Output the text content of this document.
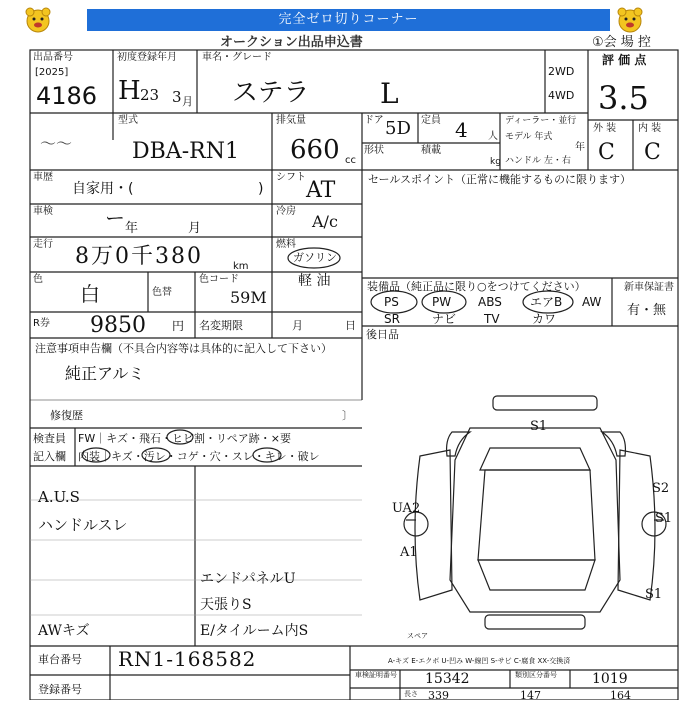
完全ゼロ切りコーナー
オークション出品申込書	①会 場 控
出品番号
[2025]
4186
初度登録年月
H 23 3 月
車名・グレード
ステラ	L
2WD
4WD
評 価 点
3.5
外 装 内 装
C C
型式
DBA-RN1
〜〜
排気量
660 cc
ドア 5D 定員 4 人
ディーラー・並行
モデル 年式
年
形状	積載
kg ハンドル 左・右
車歴
自家用・(	)
シフト
AT	セールスポイント（正常に機能するものに限ります）
車検	ー 年	月
冷房
A/c
走行 8万0千380	km
燃料
ガソリン
軽 油
色
白	色替
色コード
59M
装備品（純正品に限り○をつけてください）
PS	PW ABS エアB AW
SR	ナビ TV	カワ
新車保証書
有・無
R券 9850 円 名変期限	月	日
後日品
注意事項申告欄（不具合内容等は具体的に記入して下さい）
純正アルミ
修復歴	〕
検査員
記入欄
FW｜キズ・飛石・ヒビ割・リペア跡・×要
内装｜キズ・汚レ・コゲ・穴・スレ・キレ・破レ
A.U.S
ハンドルスレ
エンドパネルU
天張りS
E/タイルーム内S
AWキズ
S1
S2
UA2
S1
A1
S1
スペア
車台番号 RN1-168582
登録番号
A-キズ E-エクボ U-凹み W-線凹 S-サビ C-腐食 XX-交換済
車検証明番号 15342	類別区分番号	1019
長さ 339	147	164
